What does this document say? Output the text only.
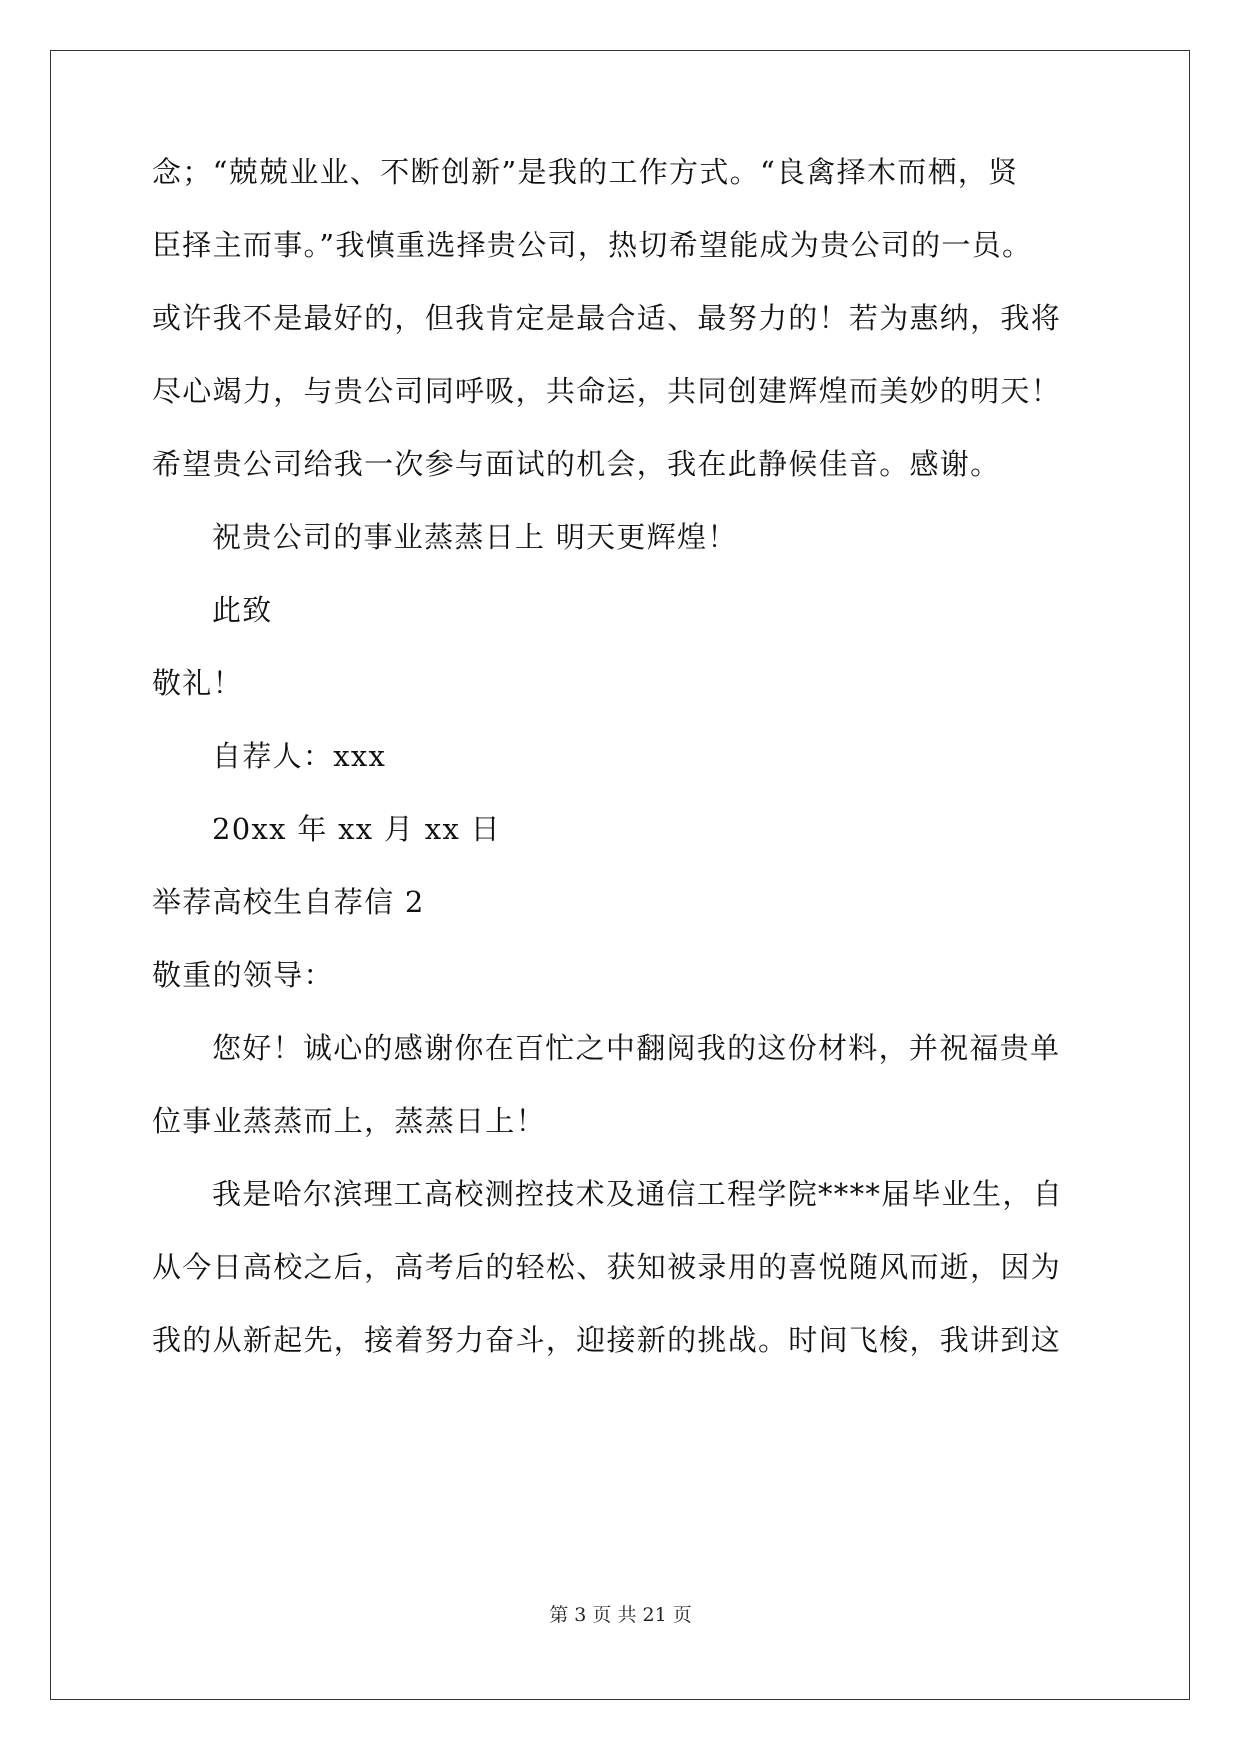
念；“兢兢业业、不断创新”是我的工作方式。“良禽择木而栖，贤
臣择主而事。”我慎重选择贵公司，热切希望能成为贵公司的一员。
或许我不是最好的，但我肯定是最合适、最努力的！若为惠纳，我将
尽心竭力，与贵公司同呼吸，共命运，共同创建辉煌而美妙的明天！
希望贵公司给我一次参与面试的机会，我在此静候佳音。感谢。
祝贵公司的事业蒸蒸日上 明天更辉煌！
此致
敬礼！
自荐人：xxx
20xx 年 xx 月 xx 日
举荐高校生自荐信 2
敬重的领导：
您好！诚心的感谢你在百忙之中翻阅我的这份材料，并祝福贵单
位事业蒸蒸而上，蒸蒸日上！
我是哈尔滨理工高校测控技术及通信工程学院****届毕业生，自
从今日高校之后，高考后的轻松、获知被录用的喜悦随风而逝，因为
我的从新起先，接着努力奋斗，迎接新的挑战。时间飞梭，我讲到这
第 3 页 共 21 页
